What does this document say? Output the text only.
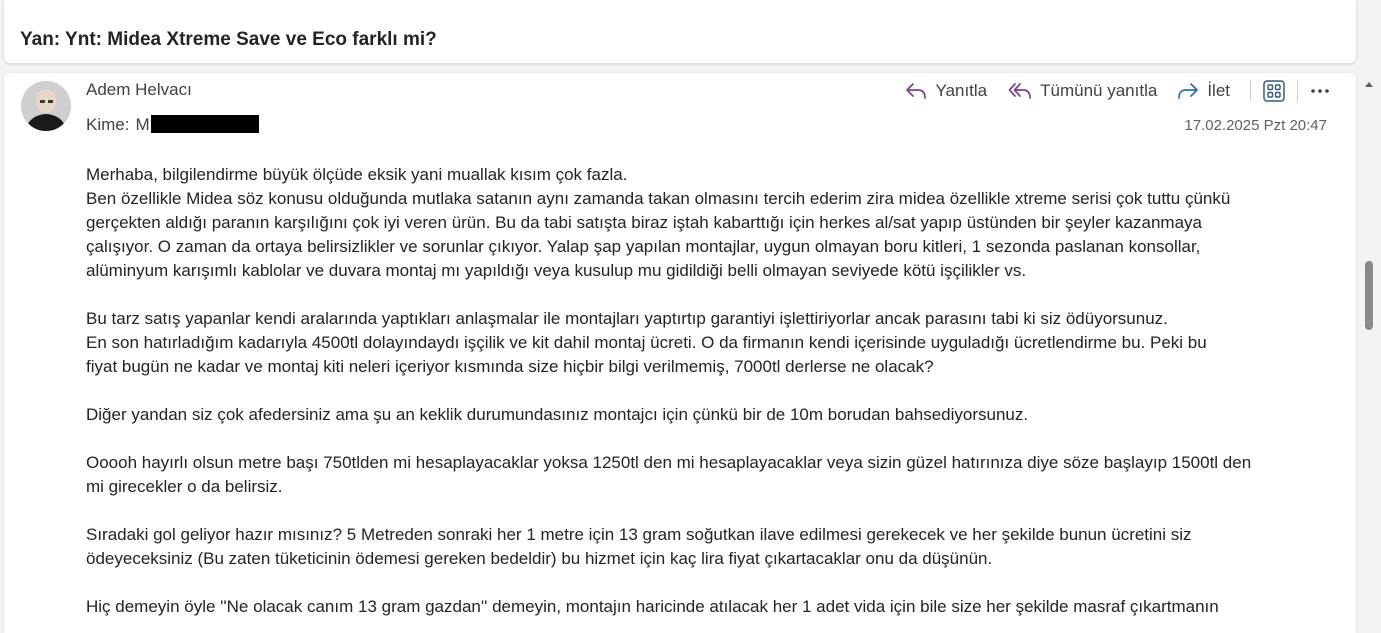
Yan: Ynt: Midea Xtreme Save ve Eco farklı mi?
Adem Helvacı
Kime: M
Yanıtla	Tümünü yanıtla	İlet
17.02.2025 Pzt 20:47

Merhaba, bilgilendirme büyük ölçüde eksik yani muallak kısım çok fazla.
Ben özellikle Midea söz konusu olduğunda mutlaka satanın aynı zamanda takan olmasını tercih ederim zira midea özellikle xtreme serisi çok tuttu çünkü
gerçekten aldığı paranın karşılığını çok iyi veren ürün. Bu da tabi satışta biraz iştah kabarttığı için herkes al/sat yapıp üstünden bir şeyler kazanmaya
çalışıyor. O zaman da ortaya belirsizlikler ve sorunlar çıkıyor. Yalap şap yapılan montajlar, uygun olmayan boru kitleri, 1 sezonda paslanan konsollar,
alüminyum karışımlı kablolar ve duvara montaj mı yapıldığı veya kusulup mu gidildiği belli olmayan seviyede kötü işçilikler vs.

Bu tarz satış yapanlar kendi aralarında yaptıkları anlaşmalar ile montajları yaptırtıp garantiyi işlettiriyorlar ancak parasını tabi ki siz ödüyorsunuz.
En son hatırladığım kadarıyla 4500tl dolayındaydı işçilik ve kit dahil montaj ücreti. O da firmanın kendi içerisinde uyguladığı ücretlendirme bu. Peki bu
fiyat bugün ne kadar ve montaj kiti neleri içeriyor kısmında size hiçbir bilgi verilmemiş, 7000tl derlerse ne olacak?

Diğer yandan siz çok afedersiniz ama şu an keklik durumundasınız montajcı için çünkü bir de 10m borudan bahsediyorsunuz.

Ooooh hayırlı olsun metre başı 750tlden mi hesaplayacaklar yoksa 1250tl den mi hesaplayacaklar veya sizin güzel hatırınıza diye söze başlayıp 1500tl den
mi girecekler o da belirsiz.

Sıradaki gol geliyor hazır mısınız? 5 Metreden sonraki her 1 metre için 13 gram soğutkan ilave edilmesi gerekecek ve her şekilde bunun ücretini siz
ödeyeceksiniz (Bu zaten tüketicinin ödemesi gereken bedeldir) bu hizmet için kaç lira fiyat çıkartacaklar onu da düşünün.

Hiç demeyin öyle ''Ne olacak canım 13 gram gazdan'' demeyin, montajın haricinde atılacak her 1 adet vida için bile size her şekilde masraf çıkartmanın
